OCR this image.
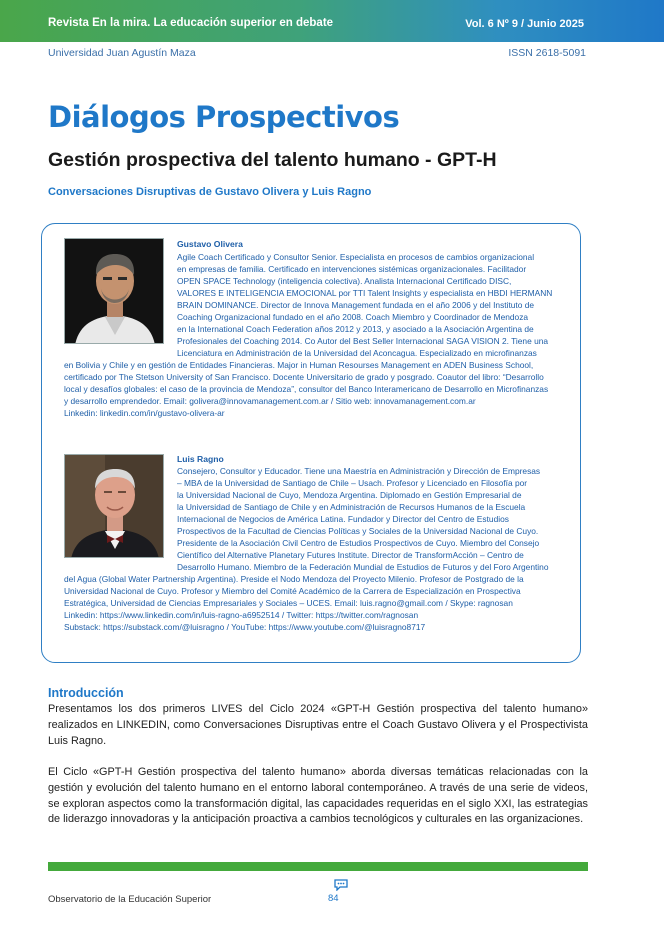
Revista En la mira. La educación superior en debate	Vol. 6 Nº 9 / Junio 2025
Universidad Juan Agustín Maza	ISSN 2618-5091
Diálogos Prospectivos
Gestión prospectiva del talento humano - GPT-H
Conversaciones Disruptivas de Gustavo Olivera y Luis Ragno
Gustavo Olivera
Agile Coach Certificado y Consultor Senior. Especialista en procesos de cambios organizacional
en empresas de familia. Certificado en intervenciones sistémicas organizacionales. Facilitador
OPEN SPACE Technology (inteligencia colectiva). Analista Internacional Certificado DISC,
VALORES E INTELIGENCIA EMOCIONAL por TTI Talent Insights y especialista en HBDI HERMANN
BRAIN DOMINANCE. Director de Innova Management fundada en el año 2006 y del Instituto de
Coaching Organizacional fundado en el año 2008. Coach Miembro y Coordinador de Mendoza
en la International Coach Federation años 2012 y 2013, y asociado a la Asociación Argentina de
Profesionales del Coaching 2014. Co Autor del Best Seller Internacional SAGA VISION 2. Tiene una
Licenciatura en Administración de la Universidad del Aconcagua. Especializado en microfinanzas
en Bolivia y Chile y en gestión de Entidades Financieras. Major in Human Resourses Management en ADEN Business School,
certificado por The Stetson University of San Francisco. Docente Universitario de grado y posgrado. Coautor del libro: “Desarrollo
local y desafíos globales: el caso de la provincia de Mendoza”, consultor del Banco Interamericano de Desarrollo en Microfinanzas
y desarrollo emprendedor. Email: golivera@innovamanagement.com.ar / Sitio web: innovamanagement.com.ar
Linkedin: linkedin.com/in/gustavo-olivera-ar
Luis Ragno
Consejero, Consultor y Educador. Tiene una Maestría en Administración y Dirección de Empresas
– MBA de la Universidad de Santiago de Chile – Usach. Profesor y Licenciado en Filosofía por
la Universidad Nacional de Cuyo, Mendoza Argentina. Diplomado en Gestión Empresarial de
la Universidad de Santiago de Chile y en Administración de Recursos Humanos de la Escuela
Internacional de Negocios de América Latina. Fundador y Director del Centro de Estudios
Prospectivos de la Facultad de Ciencias Políticas y Sociales de la Universidad Nacional de Cuyo.
Presidente de la Asociación Civil Centro de Estudios Prospectivos de Cuyo. Miembro del Consejo
Científico del Alternative Planetary Futures Institute. Director de TransformAcción – Centro de
Desarrollo Humano. Miembro de la Federación Mundial de Estudios de Futuros y del Foro Argentino
del Agua (Global Water Partnership Argentina). Preside el Nodo Mendoza del Proyecto Milenio. Profesor de Postgrado de la
Universidad Nacional de Cuyo. Profesor y Miembro del Comité Académico de la Carrera de Especialización en Prospectiva
Estratégica, Universidad de Ciencias Empresariales y Sociales – UCES. Email: luis.ragno@gmail.com / Skype: ragnosan
Linkedin: https://www.linkedin.com/in/luis-ragno-a6952514 / Twitter: https://twitter.com/ragnosan
Substack: https://substack.com/@luisragno / YouTube: https://www.youtube.com/@luisragno8717
Introducción

Presentamos los dos primeros LIVES del Ciclo 2024 «GPT-H Gestión prospectiva del talento humano» realizados en LINKEDIN, como Conversaciones Disruptivas entre el Coach Gustavo Olivera y el Prospectivista Luis Ragno.

El Ciclo «GPT-H Gestión prospectiva del talento humano» aborda diversas temáticas relacionadas con la gestión y evolución del talento humano en el entorno laboral contemporáneo. A través de una serie de videos, se exploran aspectos como la transformación digital, las capacidades requeridas en el siglo XXI, las estrategias de liderazgo innovadoras y la anticipación proactiva a cambios tecnológicos y culturales en las organizaciones.

Observatorio de la Educación Superior	84
